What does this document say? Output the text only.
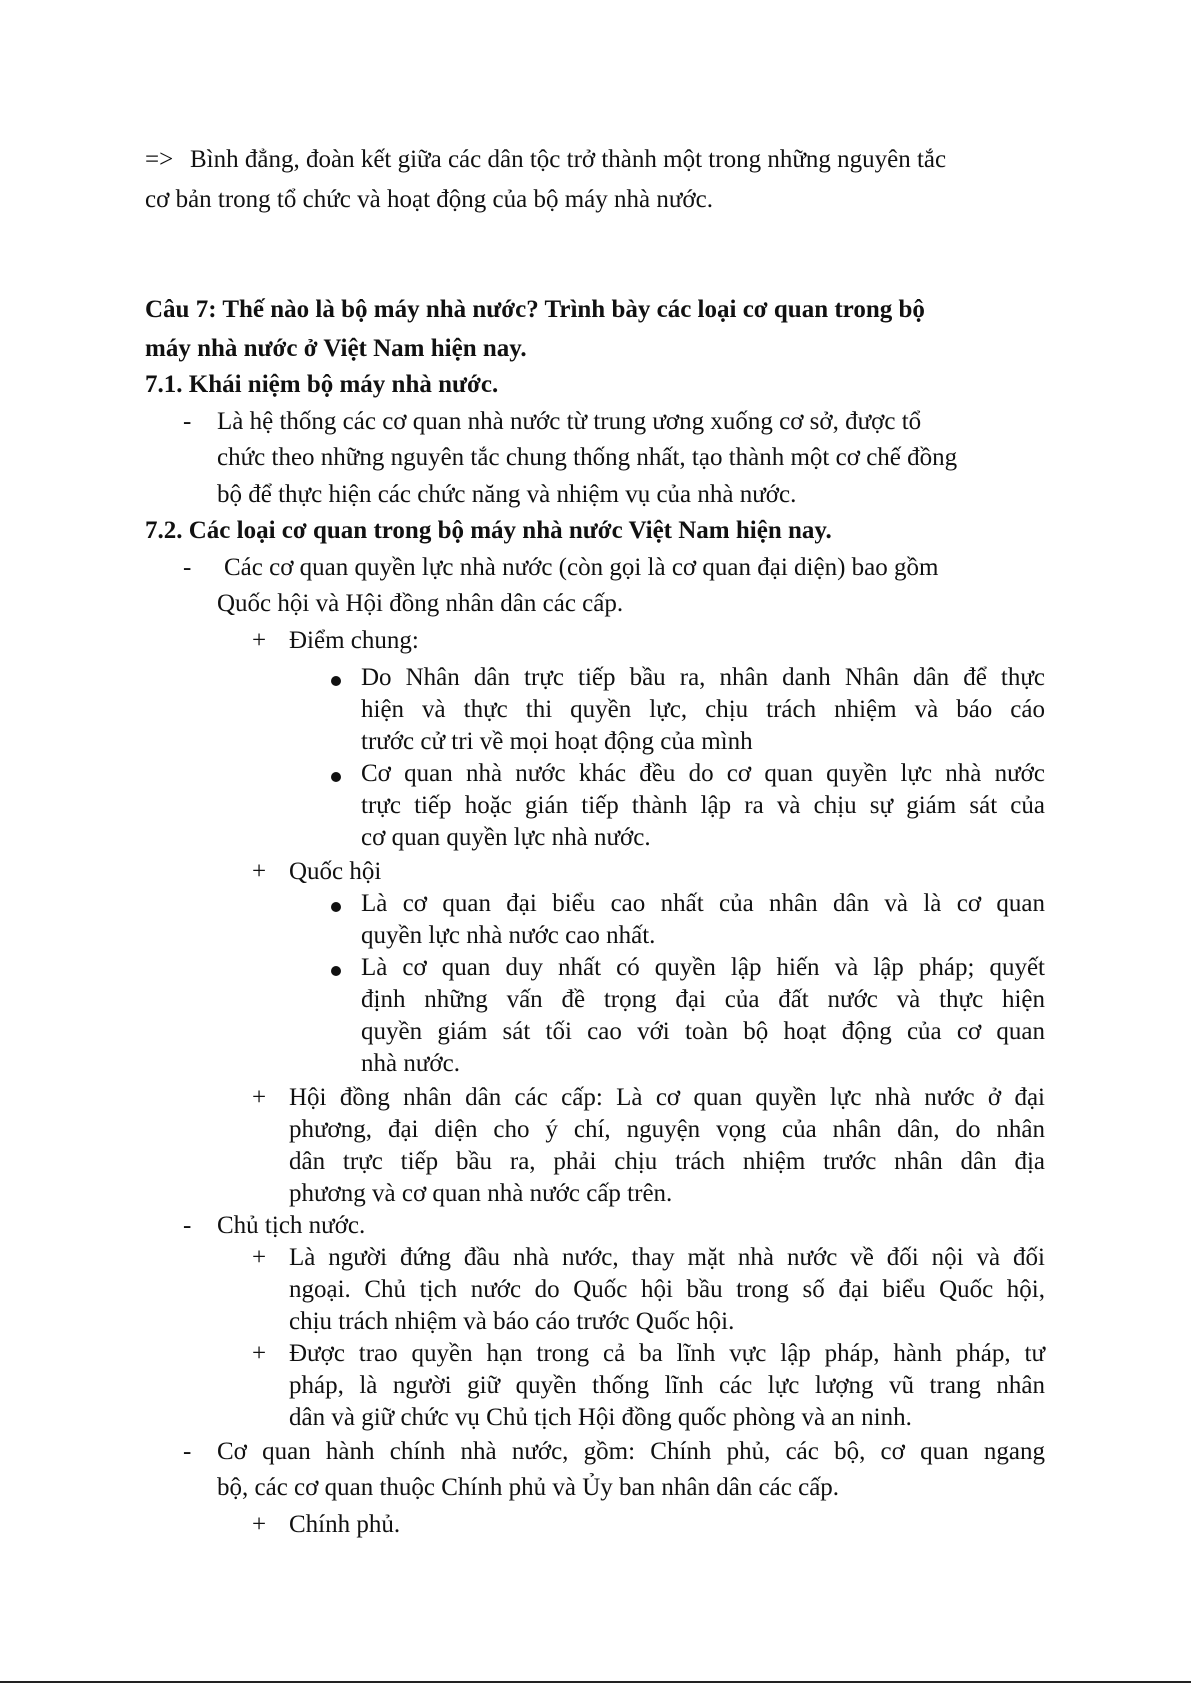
=> Bình đẳng, đoàn kết giữa các dân tộc trở thành một trong những nguyên tắc
cơ bản trong tổ chức và hoạt động của bộ máy nhà nước.
Câu 7: Thế nào là bộ máy nhà nước? Trình bày các loại cơ quan trong bộ
máy nhà nước ở Việt Nam hiện nay.
7.1. Khái niệm bộ máy nhà nước.
- Là hệ thống các cơ quan nhà nước từ trung ương xuống cơ sở, được tổ
chức theo những nguyên tắc chung thống nhất, tạo thành một cơ chế đồng
bộ để thực hiện các chức năng và nhiệm vụ của nhà nước.
7.2. Các loại cơ quan trong bộ máy nhà nước Việt Nam hiện nay.
- Các cơ quan quyền lực nhà nước (còn gọi là cơ quan đại diện) bao gồm
Quốc hội và Hội đồng nhân dân các cấp.
+ Điểm chung:
Do Nhân dân trực tiếp bầu ra, nhân danh Nhân dân để thực
hiện và thực thi quyền lực, chịu trách nhiệm và báo cáo
trước cử tri về mọi hoạt động của mình
Cơ quan nhà nước khác đều do cơ quan quyền lực nhà nước
trực tiếp hoặc gián tiếp thành lập ra và chịu sự giám sát của
cơ quan quyền lực nhà nước.
+ Quốc hội
Là cơ quan đại biểu cao nhất của nhân dân và là cơ quan
quyền lực nhà nước cao nhất.
Là cơ quan duy nhất có quyền lập hiến và lập pháp; quyết
định những vấn đề trọng đại của đất nước và thực hiện
quyền giám sát tối cao với toàn bộ hoạt động của cơ quan
nhà nước.
+ Hội đồng nhân dân các cấp: Là cơ quan quyền lực nhà nước ở đại
phương, đại diện cho ý chí, nguyện vọng của nhân dân, do nhân
dân trực tiếp bầu ra, phải chịu trách nhiệm trước nhân dân địa
phương và cơ quan nhà nước cấp trên.
- Chủ tịch nước.
+ Là người đứng đầu nhà nước, thay mặt nhà nước về đối nội và đối
ngoại. Chủ tịch nước do Quốc hội bầu trong số đại biểu Quốc hội,
chịu trách nhiệm và báo cáo trước Quốc hội.
+ Được trao quyền hạn trong cả ba lĩnh vực lập pháp, hành pháp, tư
pháp, là người giữ quyền thống lĩnh các lực lượng vũ trang nhân
dân và giữ chức vụ Chủ tịch Hội đồng quốc phòng và an ninh.
- Cơ quan hành chính nhà nước, gồm: Chính phủ, các bộ, cơ quan ngang
bộ, các cơ quan thuộc Chính phủ và Ủy ban nhân dân các cấp.
+ Chính phủ.
